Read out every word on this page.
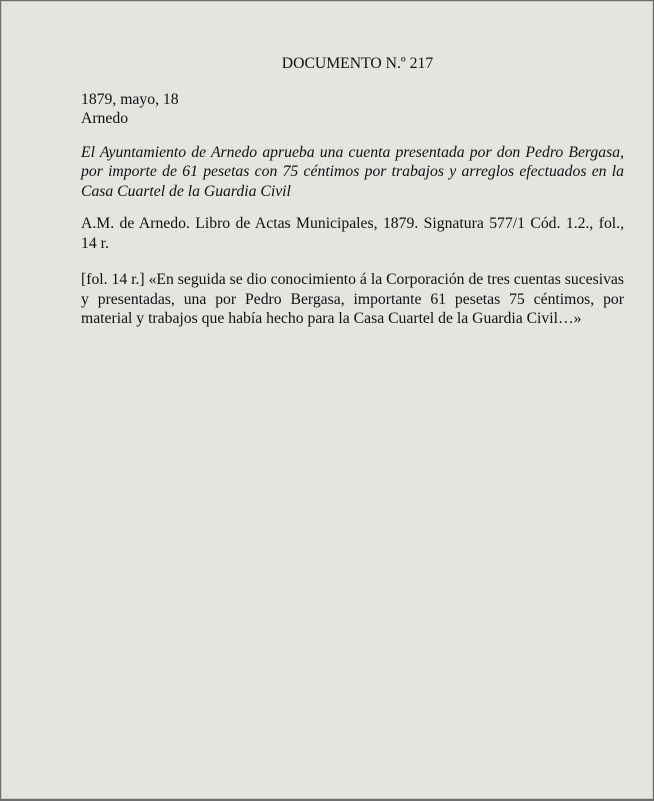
DOCUMENTO N.º 217
1879, mayo, 18
Arnedo

El Ayuntamiento de Arnedo aprueba una cuenta presentada por don Pedro Bergasa, por importe de 61 pesetas con 75 céntimos por trabajos y arreglos efectuados en la Casa Cuartel de la Guardia Civil

A.M. de Arnedo. Libro de Actas Municipales, 1879. Signatura 577/1 Cód. 1.2., fol., 14 r.

[fol. 14 r.] «En seguida se dio conocimiento á la Corporación de tres cuentas sucesivas y presentadas, una por Pedro Bergasa, importante 61 pesetas 75 céntimos, por material y trabajos que había hecho para la Casa Cuartel de la Guardia Civil…»
